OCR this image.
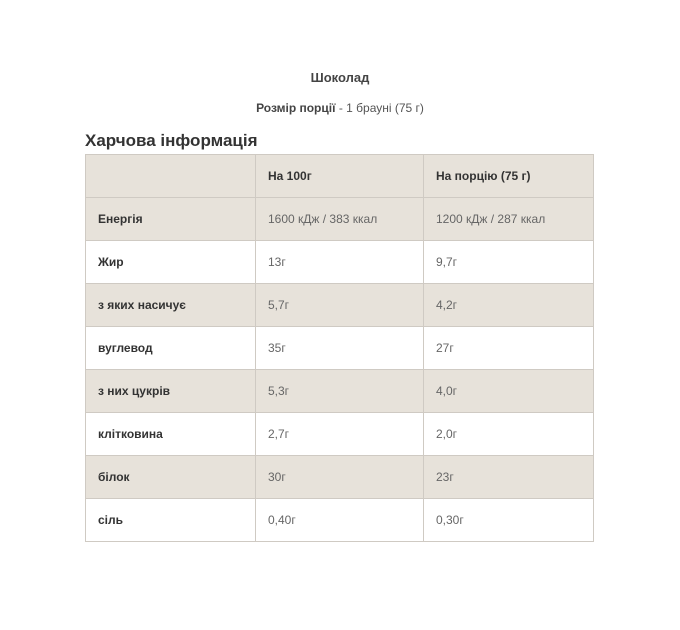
Шоколад
Розмір порції - 1 брауні (75 г)
Харчова інформація
	На 100г	На порцію (75 г)
Енергія	1600 кДж / 383 ккал	1200 кДж / 287 ккал
Жир	13г	9,7г
з яких насичує	5,7г	4,2г
вуглевод	35г	27г
з них цукрів	5,3г	4,0г
клітковина	2,7г	2,0г
білок	30г	23г
сіль	0,40г	0,30г
